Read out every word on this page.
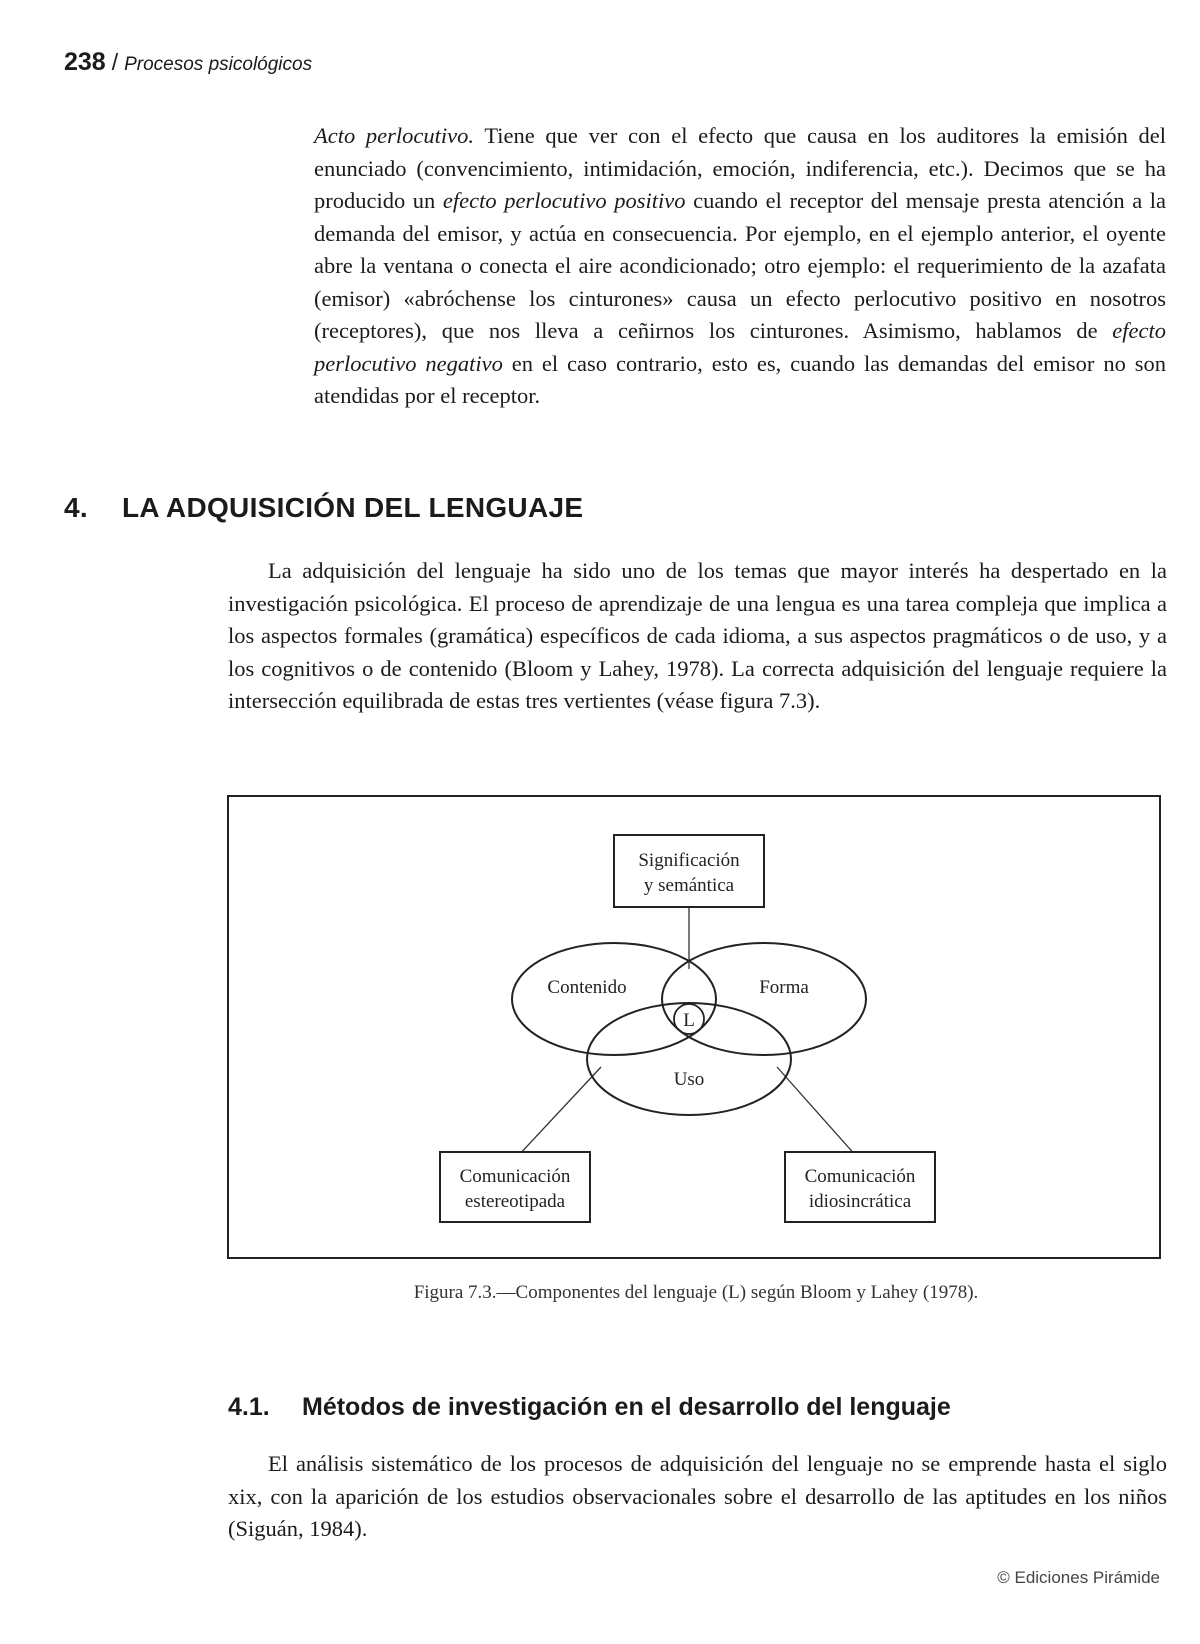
238 / Procesos psicológicos

Acto perlocutivo. Tiene que ver con el efecto que causa en los auditores la emisión del enunciado (convencimiento, intimidación, emoción, indiferencia, etc.). Decimos que se ha producido un efecto perlocutivo positivo cuando el receptor del mensaje presta atención a la demanda del emisor, y actúa en consecuencia. Por ejemplo, en el ejemplo anterior, el oyente abre la ventana o conecta el aire acondicionado; otro ejemplo: el requerimiento de la azafata (emisor) «abróchense los cinturones» causa un efecto perlocutivo positivo en nosotros (receptores), que nos lleva a ceñirnos los cinturones. Asimismo, hablamos de efecto perlocutivo negativo en el caso contrario, esto es, cuando las demandas del emisor no son atendidas por el receptor.

4. LA ADQUISICIÓN DEL LENGUAJE

La adquisición del lenguaje ha sido uno de los temas que mayor interés ha despertado en la investigación psicológica. El proceso de aprendizaje de una lengua es una tarea compleja que implica a los aspectos formales (gramática) específicos de cada idioma, a sus aspectos pragmáticos o de uso, y a los cognitivos o de contenido (Bloom y Lahey, 1978). La correcta adquisición del lenguaje requiere la intersección equilibrada de estas tres vertientes (véase figura 7.3).

Contenido	Forma
Uso
L
Significación
y semántica
Comunicación
estereotipada
Comunicación
idiosincrática
Figura 7.3.—Componentes del lenguaje (L) según Bloom y Lahey (1978).
4.1. Métodos de investigación en el desarrollo del lenguaje

El análisis sistemático de los procesos de adquisición del lenguaje no se emprende hasta el siglo xix, con la aparición de los estudios observacionales sobre el desarrollo de las aptitudes en los niños (Siguán, 1984).

© Ediciones Pirámide
